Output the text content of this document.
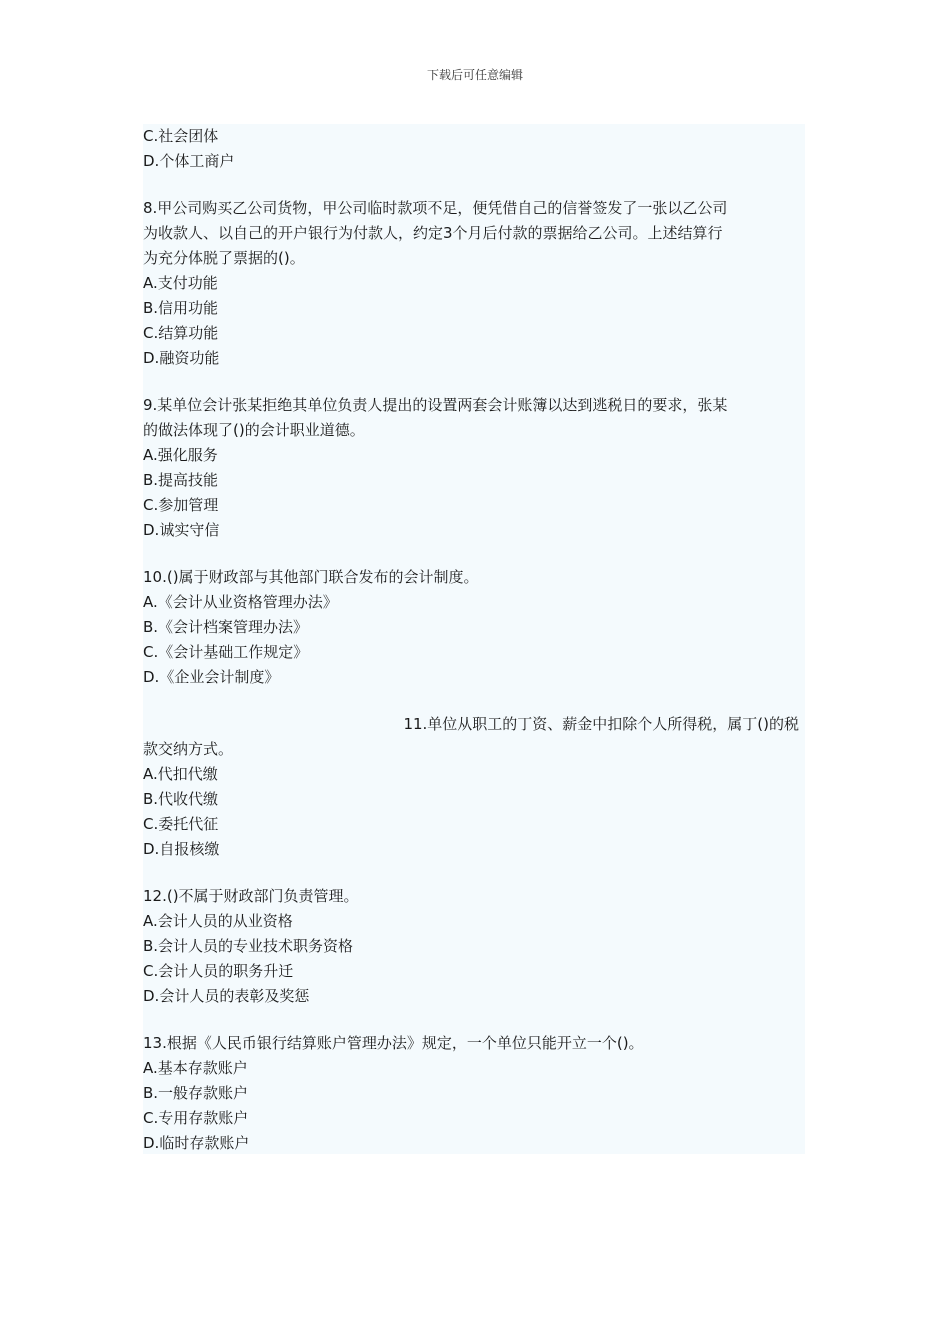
下载后可任意编辑
C.社会团体
D.个体工商户
8.甲公司购买乙公司货物，甲公司临时款项不足，便凭借自己的信誉签发了一张以乙公司
为收款人、以自己的开户银行为付款人，约定3个月后付款的票据给乙公司。上述结算行
为充分体脱了票据的()。
A.支付功能
B.信用功能
C.结算功能
D.融资功能
9.某单位会计张某拒绝其单位负责人提出的设置两套会计账簿以达到逃税日的要求，张某
的做法体现了()的会计职业道德。
A.强化服务
B.提高技能
C.参加管理
D.诚实守信
10.()属于财政部与其他部门联合发布的会计制度。
A.《会计从业资格管理办法》
B.《会计档案管理办法》
C.《会计基础工作规定》
D.《企业会计制度》
11.单位从职工的丁资、薪金中扣除个人所得税，属丁()的税
款交纳方式。
A.代扣代缴
B.代收代缴
C.委托代征
D.自报核缴
12.()不属于财政部门负责管理。
A.会计人员的从业资格
B.会计人员的专业技术职务资格
C.会计人员的职务升迁
D.会计人员的表彰及奖惩
13.根据《人民币银行结算账户管理办法》规定，一个单位只能开立一个()。
A.基本存款账户
B.一般存款账户
C.专用存款账户
D.临时存款账户
